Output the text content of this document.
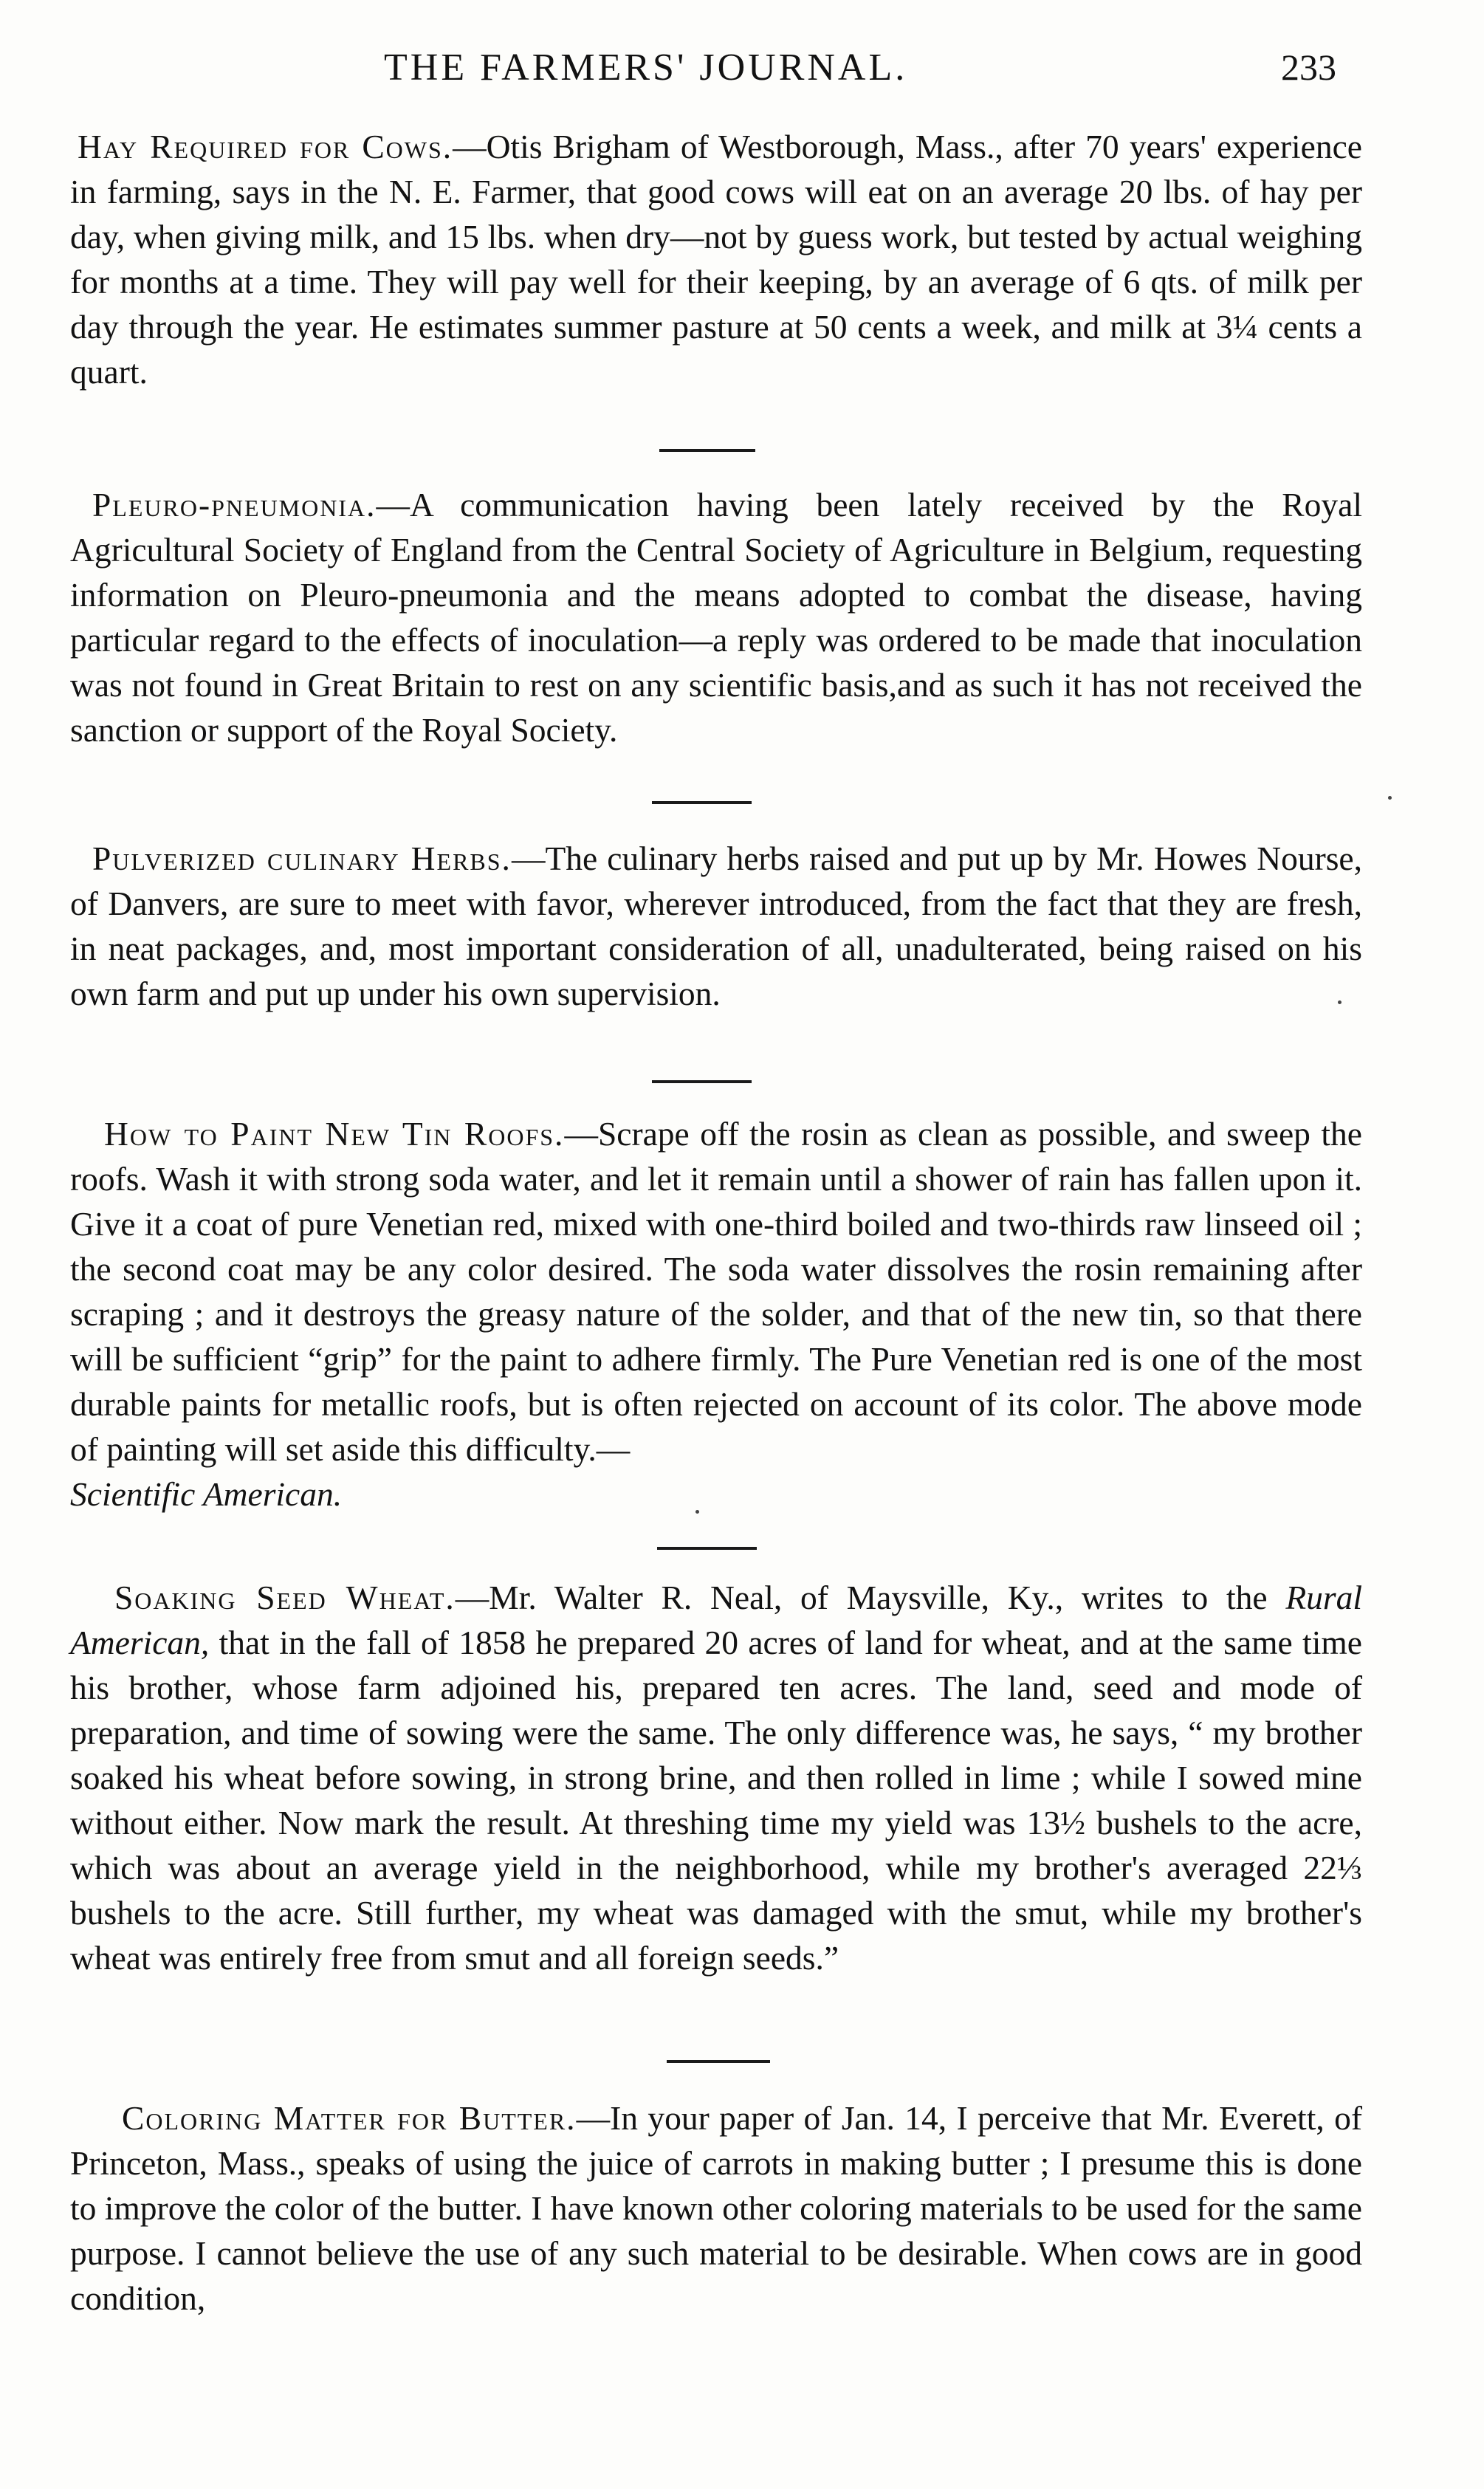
THE FARMERS' JOURNAL.	233
Hay Required for Cows.—Otis Brigham of Westborough, Mass., after 70 years' experience in farming, says in the N. E. Farmer, that good cows will eat on an average 20 lbs. of hay per day, when giving milk, and 15 lbs. when dry—not by guess work, but tested by actual weighing for months at a time. They will pay well for their keeping, by an average of 6 qts. of milk per day through the year. He estimates summer pasture at 50 cents a week, and milk at 3¼ cents a quart.
Pleuro-pneumonia.—A communication having been lately received by the Royal Agricultural Society of England from the Central Society of Agriculture in Belgium, requesting information on Pleuro-pneumonia and the means adopted to combat the disease, having particular regard to the effects of inoculation—a reply was ordered to be made that inoculation was not found in Great Britain to rest on any scientific basis,and as such it has not received the sanction or support of the Royal Society.
Pulverized culinary Herbs.—The culinary herbs raised and put up by Mr. Howes Nourse, of Danvers, are sure to meet with favor, wherever introduced, from the fact that they are fresh, in neat packages, and, most important consideration of all, unadulterated, being raised on his own farm and put up under his own supervision.
How to Paint New Tin Roofs.—Scrape off the rosin as clean as possible, and sweep the roofs. Wash it with strong soda water, and let it remain until a shower of rain has fallen upon it. Give it a coat of pure Venetian red, mixed with one-third boiled and two-thirds raw linseed oil ; the second coat may be any color desired. The soda water dissolves the rosin remaining after scraping ; and it destroys the greasy nature of the solder, and that of the new tin, so that there will be sufficient “grip” for the paint to adhere firmly. The Pure Venetian red is one of the most durable paints for metallic roofs, but is often rejected on account of its color. The above mode of painting will set aside this difficulty.—
Scientific American.
Soaking Seed Wheat.—Mr. Walter R. Neal, of Maysville, Ky., writes to the Rural American, that in the fall of 1858 he prepared 20 acres of land for wheat, and at the same time his brother, whose farm adjoined his, prepared ten acres. The land, seed and mode of preparation, and time of sowing were the same. The only difference was, he says, “ my brother soaked his wheat before sowing, in strong brine, and then rolled in lime ; while I sowed mine without either. Now mark the result. At threshing time my yield was 13½ bushels to the acre, which was about an average yield in the neighborhood, while my brother's averaged 22⅓ bushels to the acre. Still further, my wheat was damaged with the smut, while my brother's wheat was entirely free from smut and all foreign seeds.”
Coloring Matter for Butter.—In your paper of Jan. 14, I perceive that Mr. Everett, of Princeton, Mass., speaks of using the juice of carrots in making butter ; I presume this is done to improve the color of the butter. I have known other coloring materials to be used for the same purpose. I cannot believe the use of any such material to be desirable. When cows are in good condition,
